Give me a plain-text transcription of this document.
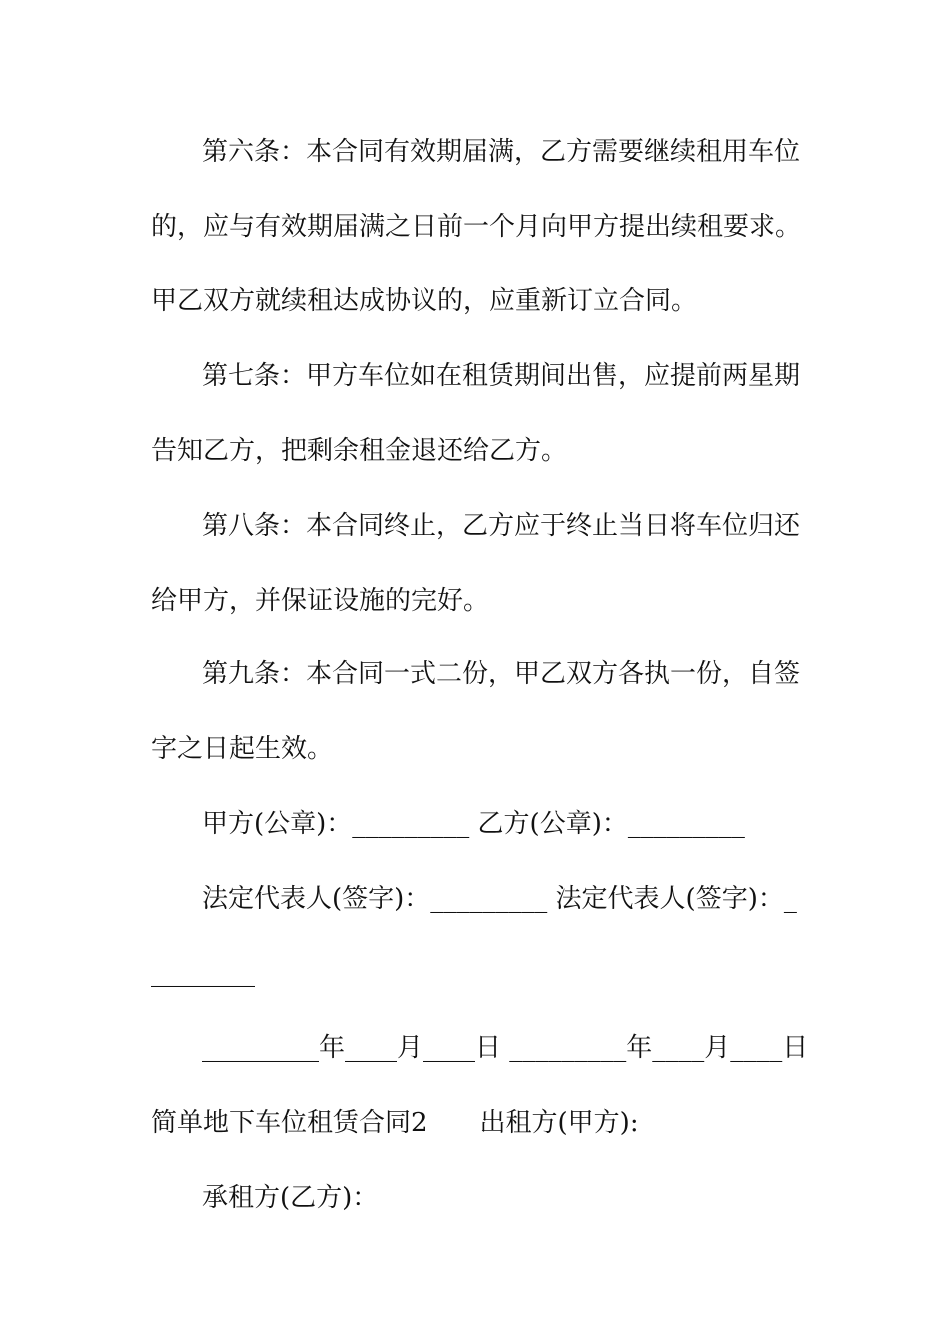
第六条：本合同有效期届满，乙方需要继续租用车位
的，应与有效期届满之日前一个月向甲方提出续租要求。
甲乙双方就续租达成协议的，应重新订立合同。
第七条：甲方车位如在租赁期间出售，应提前两星期
告知乙方，把剩余租金退还给乙方。
第八条：本合同终止，乙方应于终止当日将车位归还
给甲方，并保证设施的完好。
第九条：本合同一式二份，甲乙双方各执一份，自签
字之日起生效。
甲方(公章)：_________ 乙方(公章)：_________
法定代表人(签字)：_________ 法定代表人(签字)：_
________
_________年____月____日 _________年____月____日
简单地下车位租赁合同2　　出租方(甲方):
承租方(乙方)：
